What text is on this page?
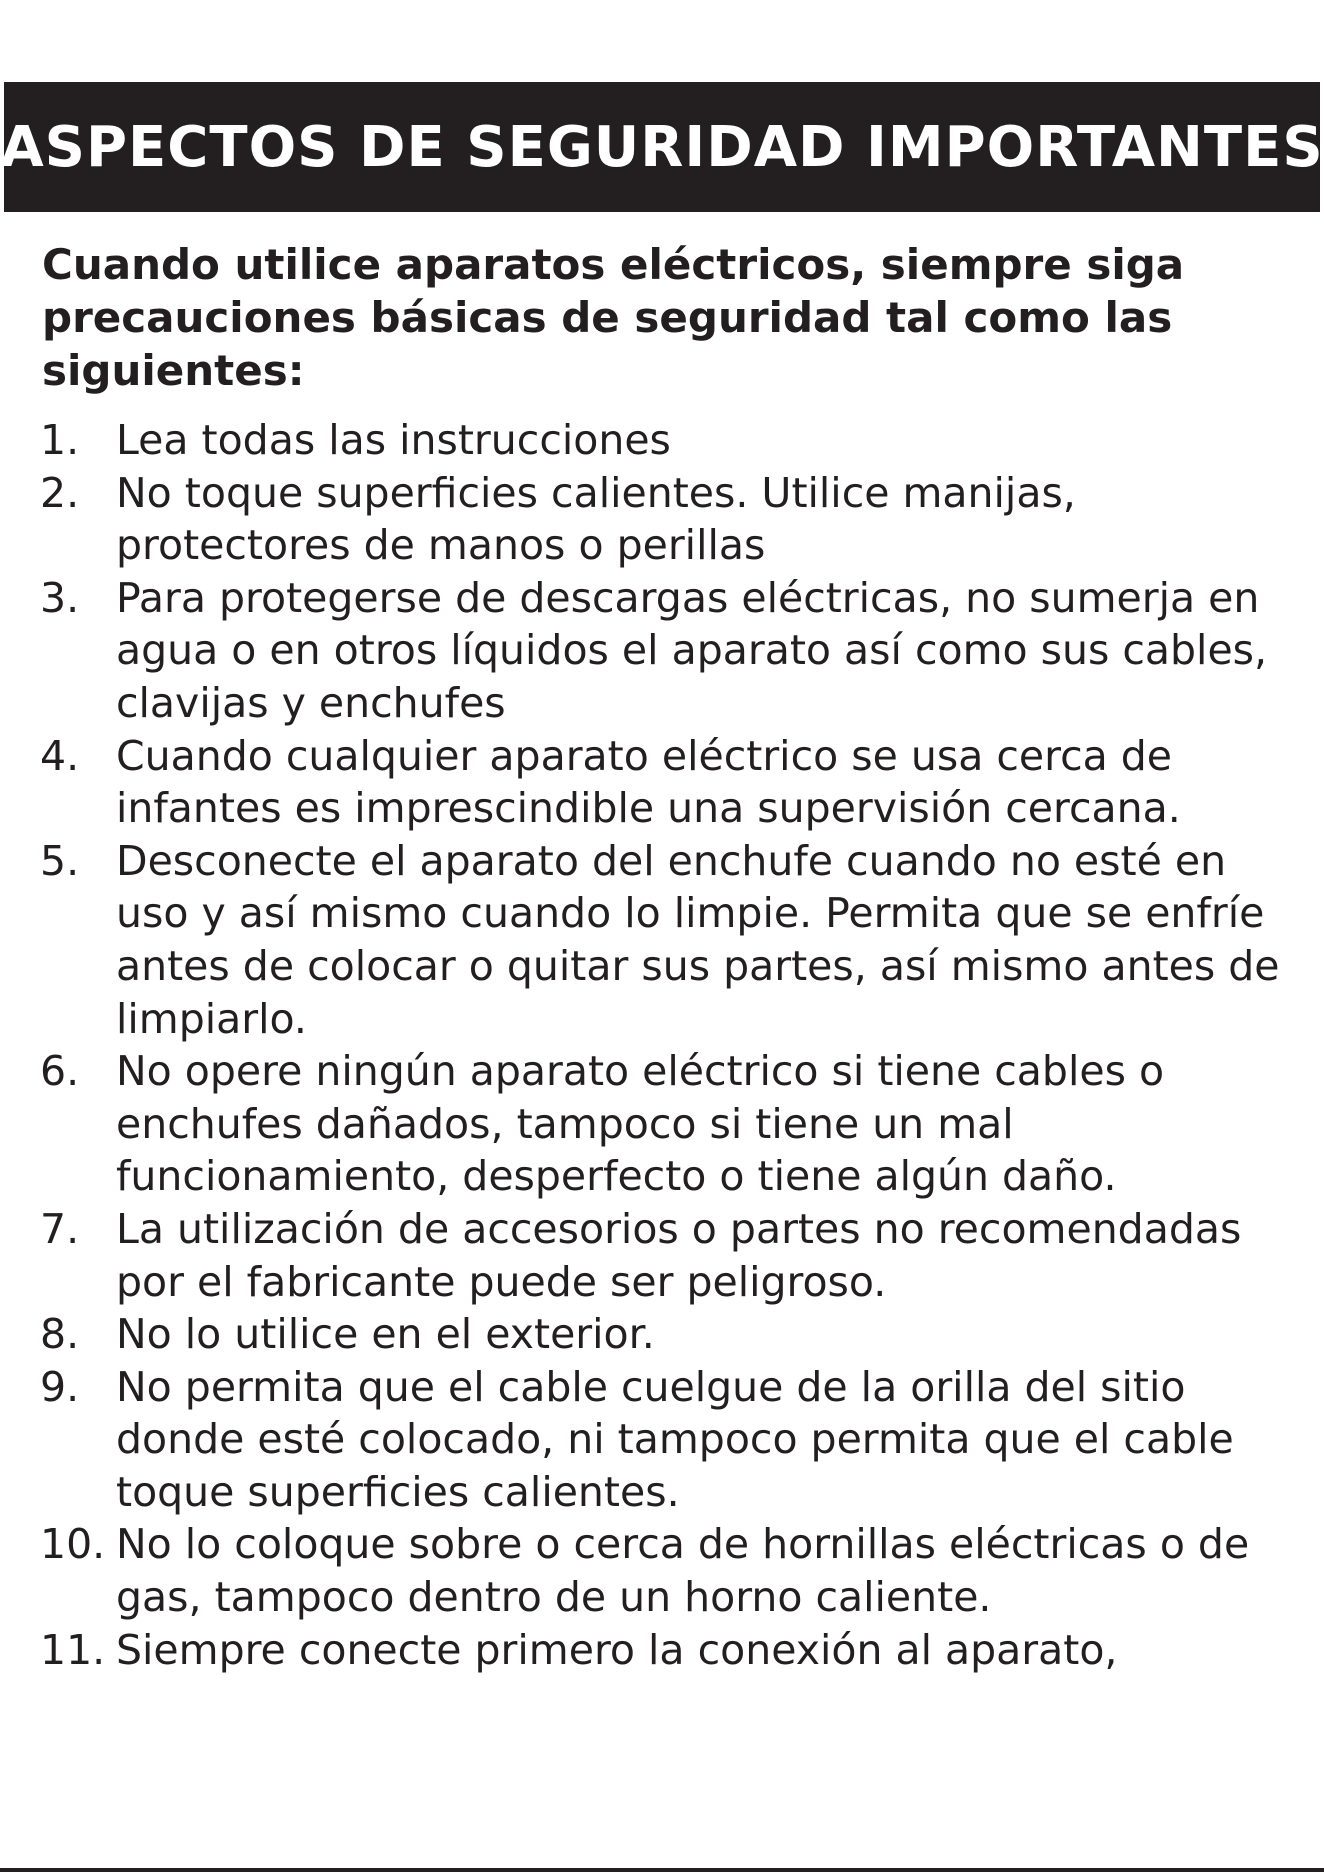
ASPECTOS DE SEGURIDAD IMPORTANTES
Cuando utilice aparatos eléctricos, siempre siga precauciones básicas de seguridad tal como las siguientes:
1. Lea todas las instrucciones
2. No toque superficies calientes. Utilice manijas, protectores de manos o perillas
3. Para protegerse de descargas eléctricas, no sumerja en agua o en otros líquidos el aparato así como sus cables, clavijas y enchufes
4. Cuando cualquier aparato eléctrico se usa cerca de infantes es imprescindible una supervisión cercana.
5. Desconecte el aparato del enchufe cuando no esté en uso y así mismo cuando lo limpie. Permita que se enfríe antes de colocar o quitar sus partes, así mismo antes de limpiarlo.
6. No opere ningún aparato eléctrico si tiene cables o enchufes dañados, tampoco si tiene un mal funcionamiento, desperfecto o tiene algún daño.
7. La utilización de accesorios o partes no recomendadas por el fabricante puede ser peligroso.
8. No lo utilice en el exterior.
9. No permita que el cable cuelgue de la orilla del sitio donde esté colocado, ni tampoco permita que el cable toque superficies calientes.
10. No lo coloque sobre o cerca de hornillas eléctricas o de gas, tampoco dentro de un horno caliente.
11. Siempre conecte primero la conexión al aparato,
